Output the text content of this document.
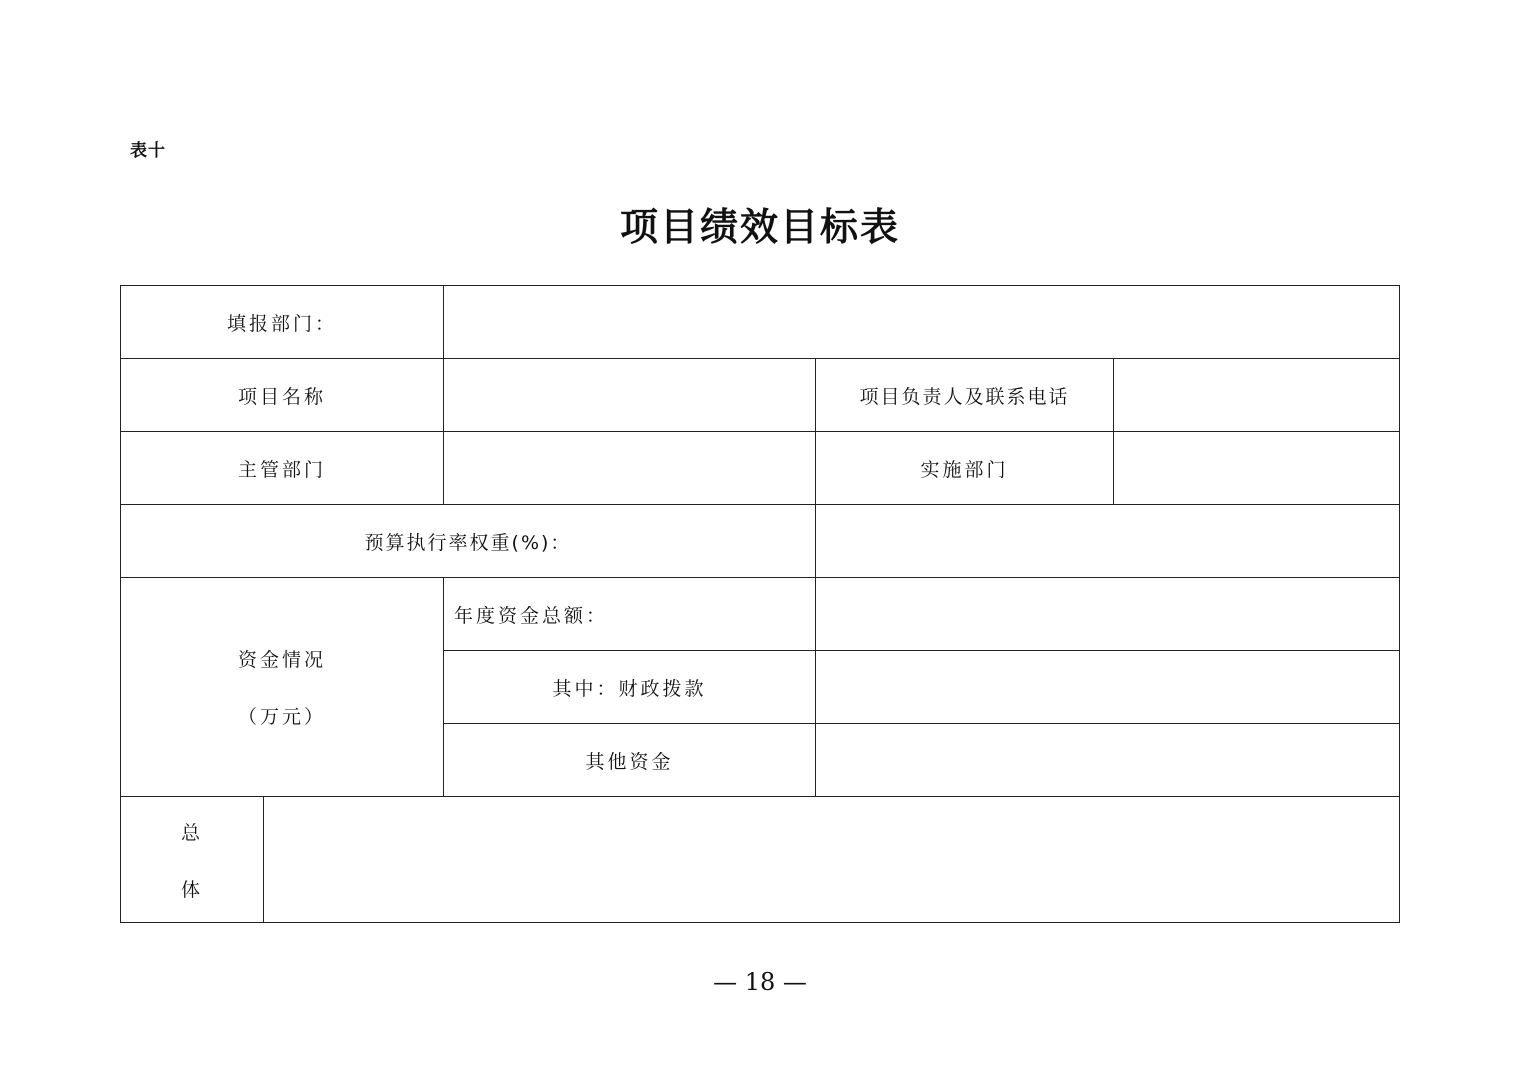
表十
项目绩效目标表
填报部门：
项目名称	项目负责人及联系电话
主管部门	实施部门
预算执行率权重(%)：
资金情况
（万元）
年度资金总额：
其中：财政拨款
其他资金
总
体
— 18 —
